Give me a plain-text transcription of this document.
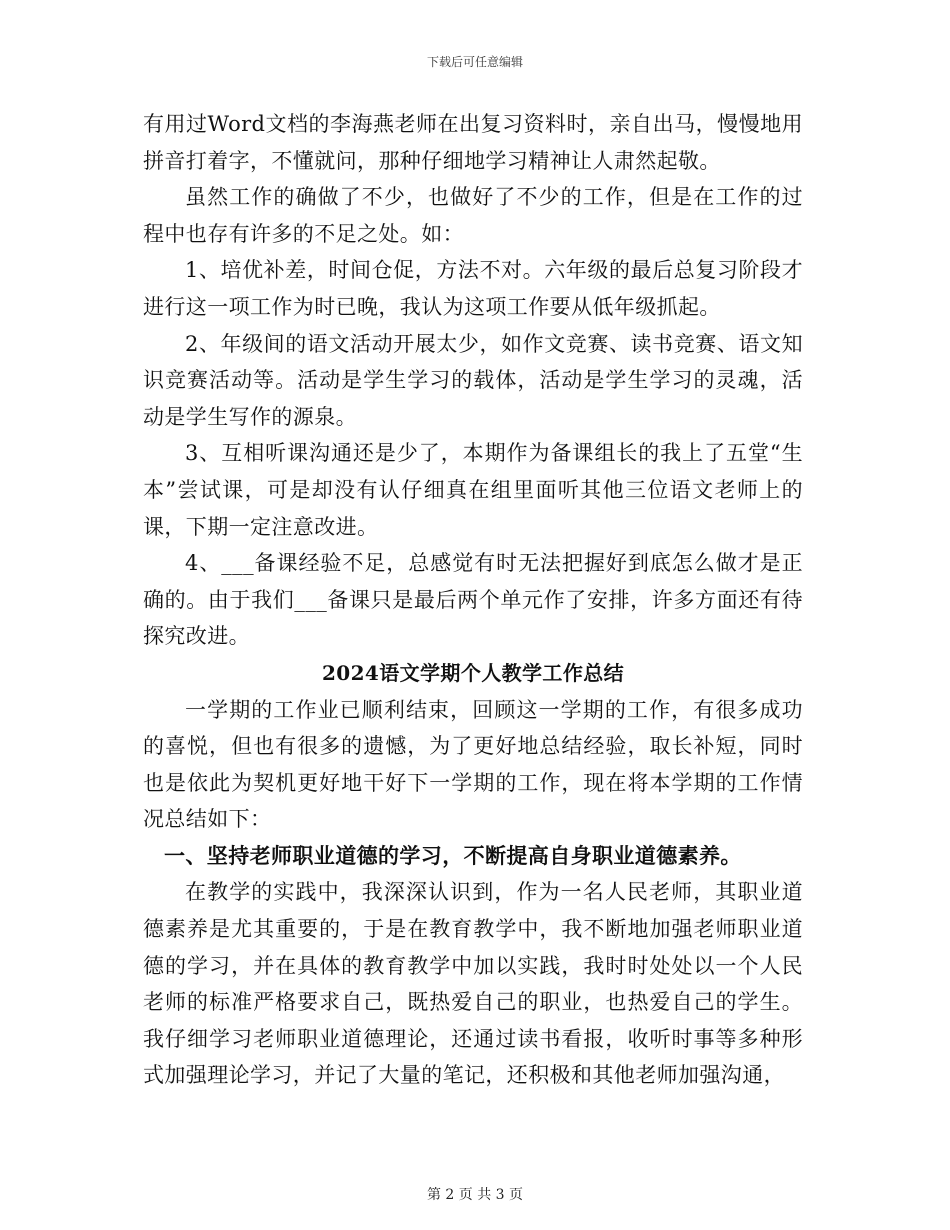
下载后可任意编辑

有用过Word文档的李海燕老师在出复习资料时，亲自出马，慢慢地用拼音打着字，不懂就问，那种仔细地学习精神让人肃然起敬。

虽然工作的确做了不少，也做好了不少的工作，但是在工作的过程中也存有许多的不足之处。如：

1、培优补差，时间仓促，方法不对。六年级的最后总复习阶段才进行这一项工作为时已晚，我认为这项工作要从低年级抓起。

2、年级间的语文活动开展太少，如作文竞赛、读书竞赛、语文知识竞赛活动等。活动是学生学习的载体，活动是学生学习的灵魂，活动是学生写作的源泉。

3、互相听课沟通还是少了，本期作为备课组长的我上了五堂“生本”尝试课，可是却没有认仔细真在组里面听其他三位语文老师上的课，下期一定注意改进。

4、___备课经验不足，总感觉有时无法把握好到底怎么做才是正确的。由于我们___备课只是最后两个单元作了安排，许多方面还有待探究改进。

2024语文学期个人教学工作总结

一学期的工作业已顺利结束，回顾这一学期的工作，有很多成功的喜悦，但也有很多的遗憾，为了更好地总结经验，取长补短，同时也是依此为契机更好地干好下一学期的工作，现在将本学期的工作情况总结如下：

一、坚持老师职业道德的学习，不断提高自身职业道德素养。

在教学的实践中，我深深认识到，作为一名人民老师，其职业道德素养是尤其重要的，于是在教育教学中，我不断地加强老师职业道德的学习，并在具体的教育教学中加以实践，我时时处处以一个人民老师的标准严格要求自己，既热爱自己的职业，也热爱自己的学生。我仔细学习老师职业道德理论，还通过读书看报，收听时事等多种形式加强理论学习，并记了大量的笔记，还积极和其他老师加强沟通，

第 2 页 共 3 页
